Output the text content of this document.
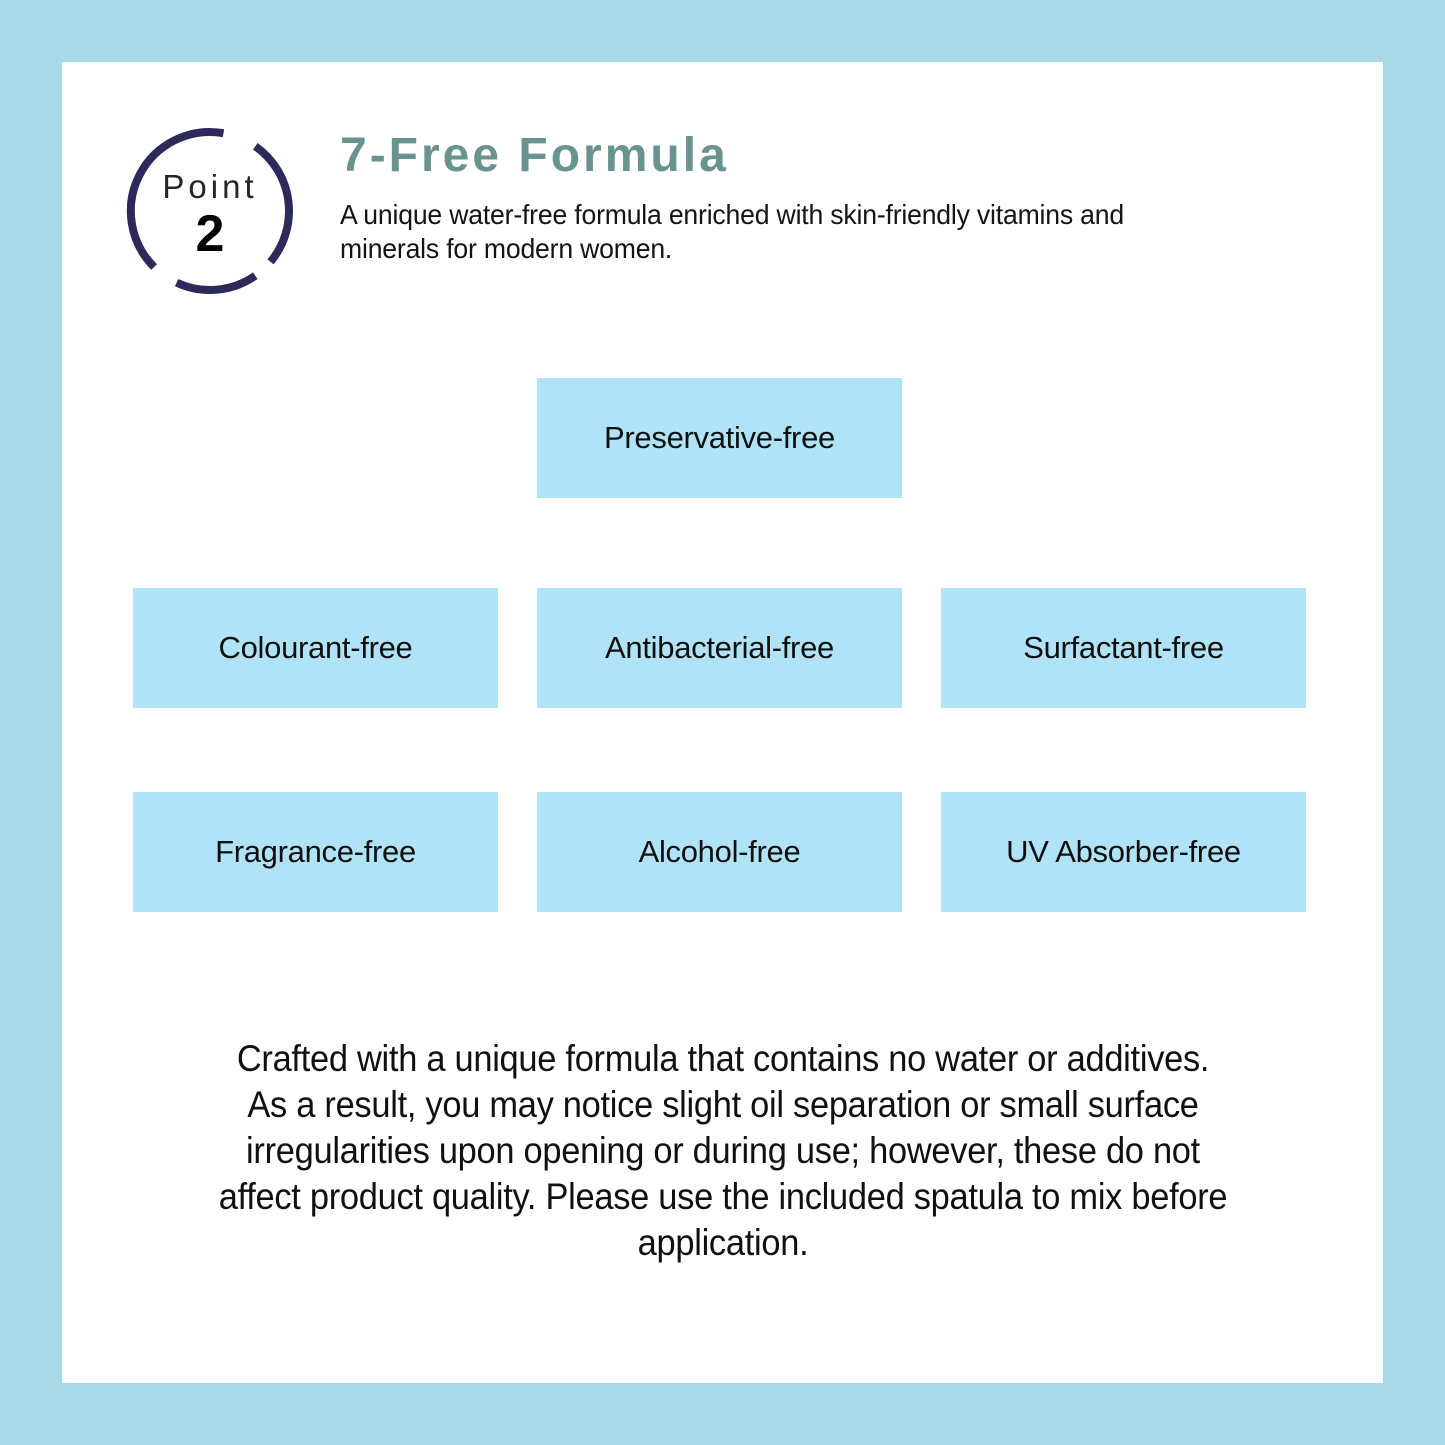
Point
2
7-Free Formula
A unique water-free formula enriched with skin-friendly vitamins and
minerals for modern women.
Preservative-free
Colourant-free	Antibacterial-free	Surfactant-free
Fragrance-free	Alcohol-free	UV Absorber-free
Crafted with a unique formula that contains no water or additives.
As a result, you may notice slight oil separation or small surface
irregularities upon opening or during use; however, these do not
affect product quality. Please use the included spatula to mix before
application.
